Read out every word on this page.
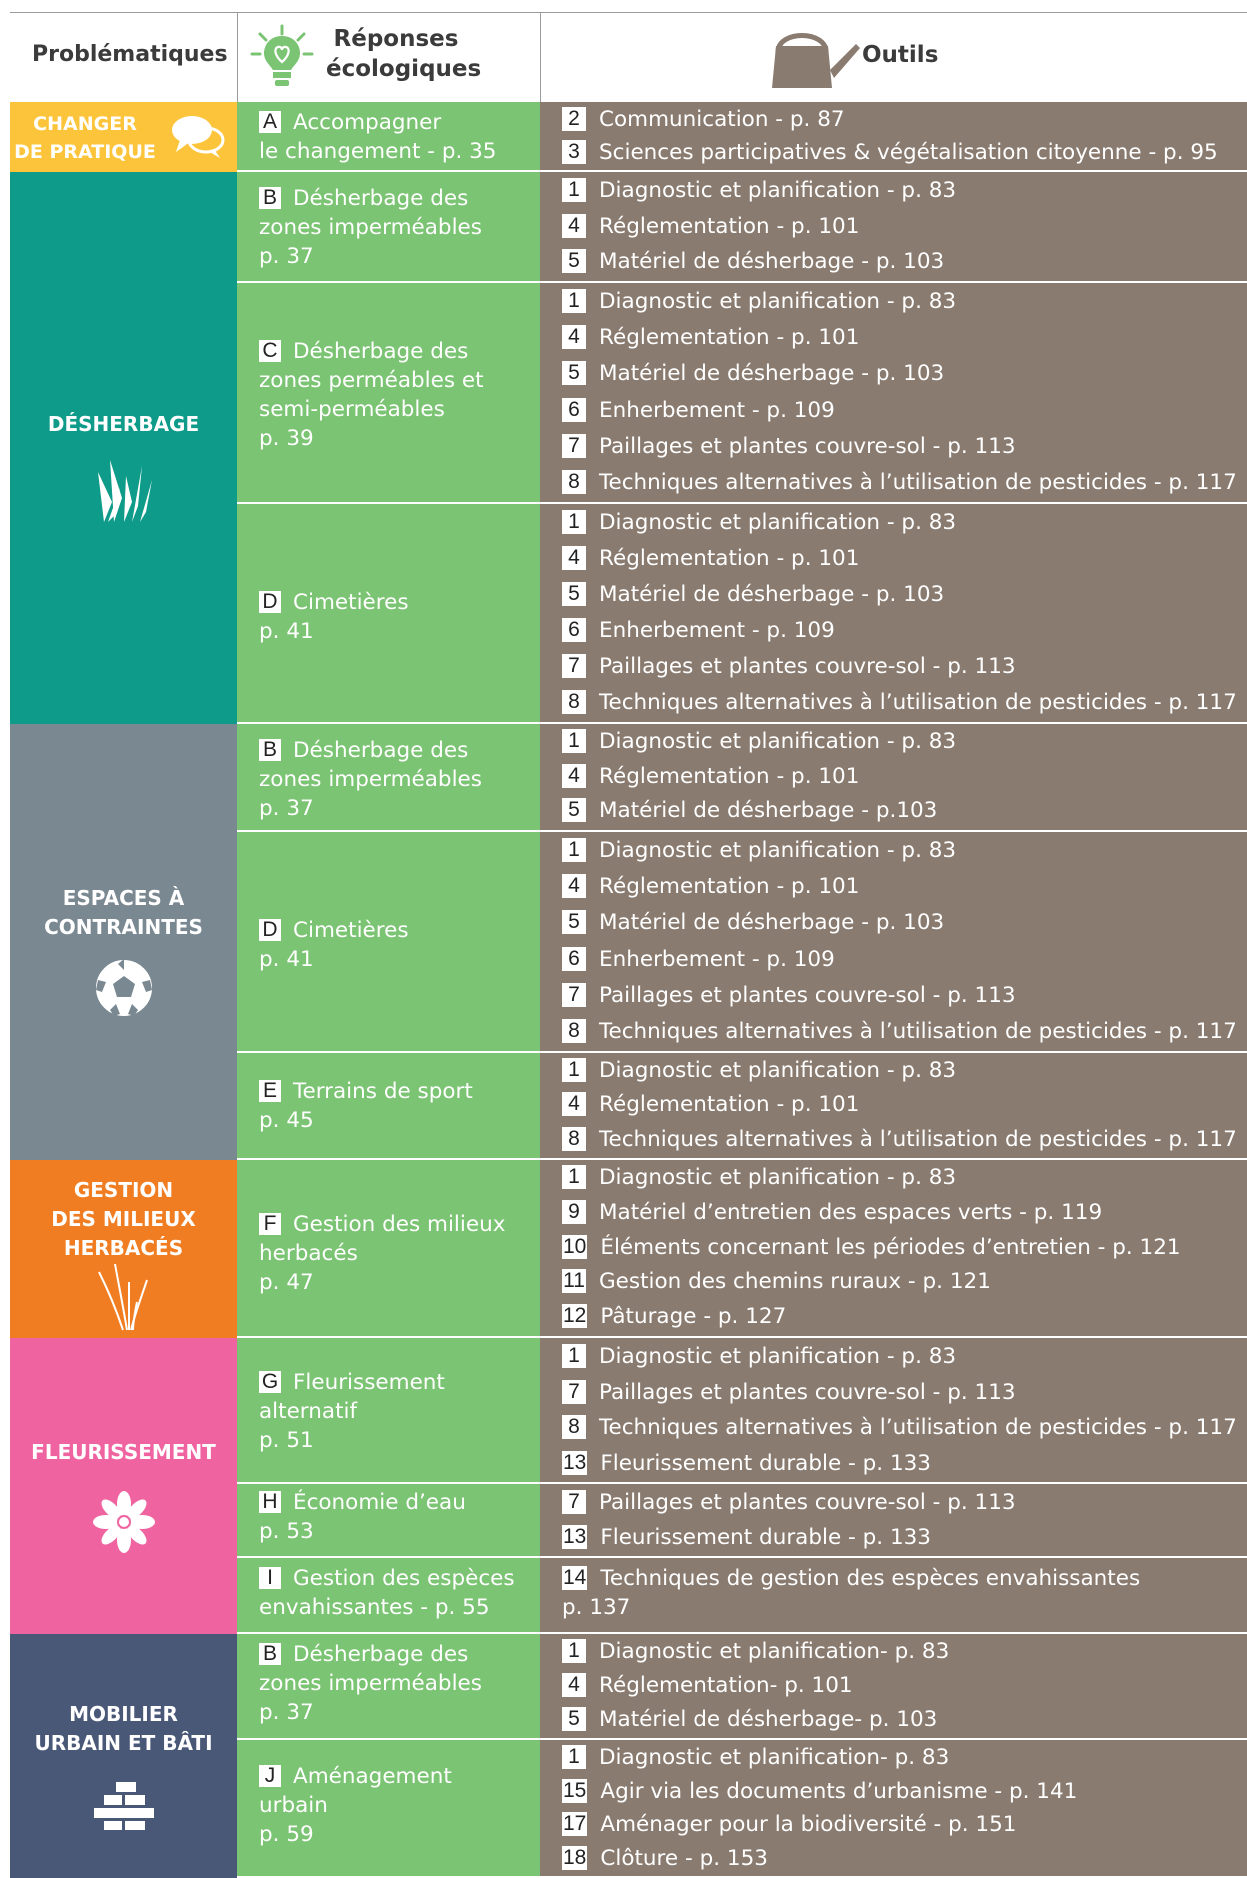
Problématiques
Réponses
écologiques
Outils
CHANGER
DE PRATIQUE
DÉSHERBAGE
ESPACES À
CONTRAINTES
GESTION
DES MILIEUX
HERBACÉS
FLEURISSEMENT
MOBILIER
URBAIN ET BÂTI
A Accompagner
le changement - p. 35
B Désherbage des
zones imperméables
p. 37
C Désherbage des
zones perméables et
semi-perméables
p. 39
D Cimetières
p. 41
B Désherbage des
zones imperméables
p. 37
D Cimetières
p. 41
E Terrains de sport
p. 45
F Gestion des milieux
herbacés
p. 47
G Fleurissement
alternatif
p. 51
H Économie d’eau
p. 53
I Gestion des espèces
envahissantes - p. 55
B Désherbage des
zones imperméables
p. 37
J Aménagement
urbain
p. 59
2 Communication - p. 87
3 Sciences participatives & végétalisation citoyenne - p. 95
1 Diagnostic et planification - p. 83
4 Réglementation - p. 101
5 Matériel de désherbage - p. 103
1 Diagnostic et planification - p. 83
4 Réglementation - p. 101
5 Matériel de désherbage - p. 103
6 Enherbement - p. 109
7 Paillages et plantes couvre-sol - p. 113
8 Techniques alternatives à l’utilisation de pesticides - p. 117
1 Diagnostic et planification - p. 83
4 Réglementation - p. 101
5 Matériel de désherbage - p. 103
6 Enherbement - p. 109
7 Paillages et plantes couvre-sol - p. 113
8 Techniques alternatives à l’utilisation de pesticides - p. 117
1 Diagnostic et planification - p. 83
4 Réglementation - p. 101
5 Matériel de désherbage - p.103
1 Diagnostic et planification - p. 83
4 Réglementation - p. 101
5 Matériel de désherbage - p. 103
6 Enherbement - p. 109
7 Paillages et plantes couvre-sol - p. 113
8 Techniques alternatives à l’utilisation de pesticides - p. 117
1 Diagnostic et planification - p. 83
4 Réglementation - p. 101
8 Techniques alternatives à l’utilisation de pesticides - p. 117
1 Diagnostic et planification - p. 83
9 Matériel d’entretien des espaces verts - p. 119
10 Éléments concernant les périodes d’entretien - p. 121
11 Gestion des chemins ruraux - p. 121
12 Pâturage - p. 127
1 Diagnostic et planification - p. 83
7 Paillages et plantes couvre-sol - p. 113
8 Techniques alternatives à l’utilisation de pesticides - p. 117
13 Fleurissement durable - p. 133
7 Paillages et plantes couvre-sol - p. 113
13 Fleurissement durable - p. 133
14 Techniques de gestion des espèces envahissantes
p. 137
1 Diagnostic et planification- p. 83
4 Réglementation- p. 101
5 Matériel de désherbage- p. 103
1 Diagnostic et planification- p. 83
15 Agir via les documents d’urbanisme - p. 141
17 Aménager pour la biodiversité - p. 151
18 Clôture - p. 153
